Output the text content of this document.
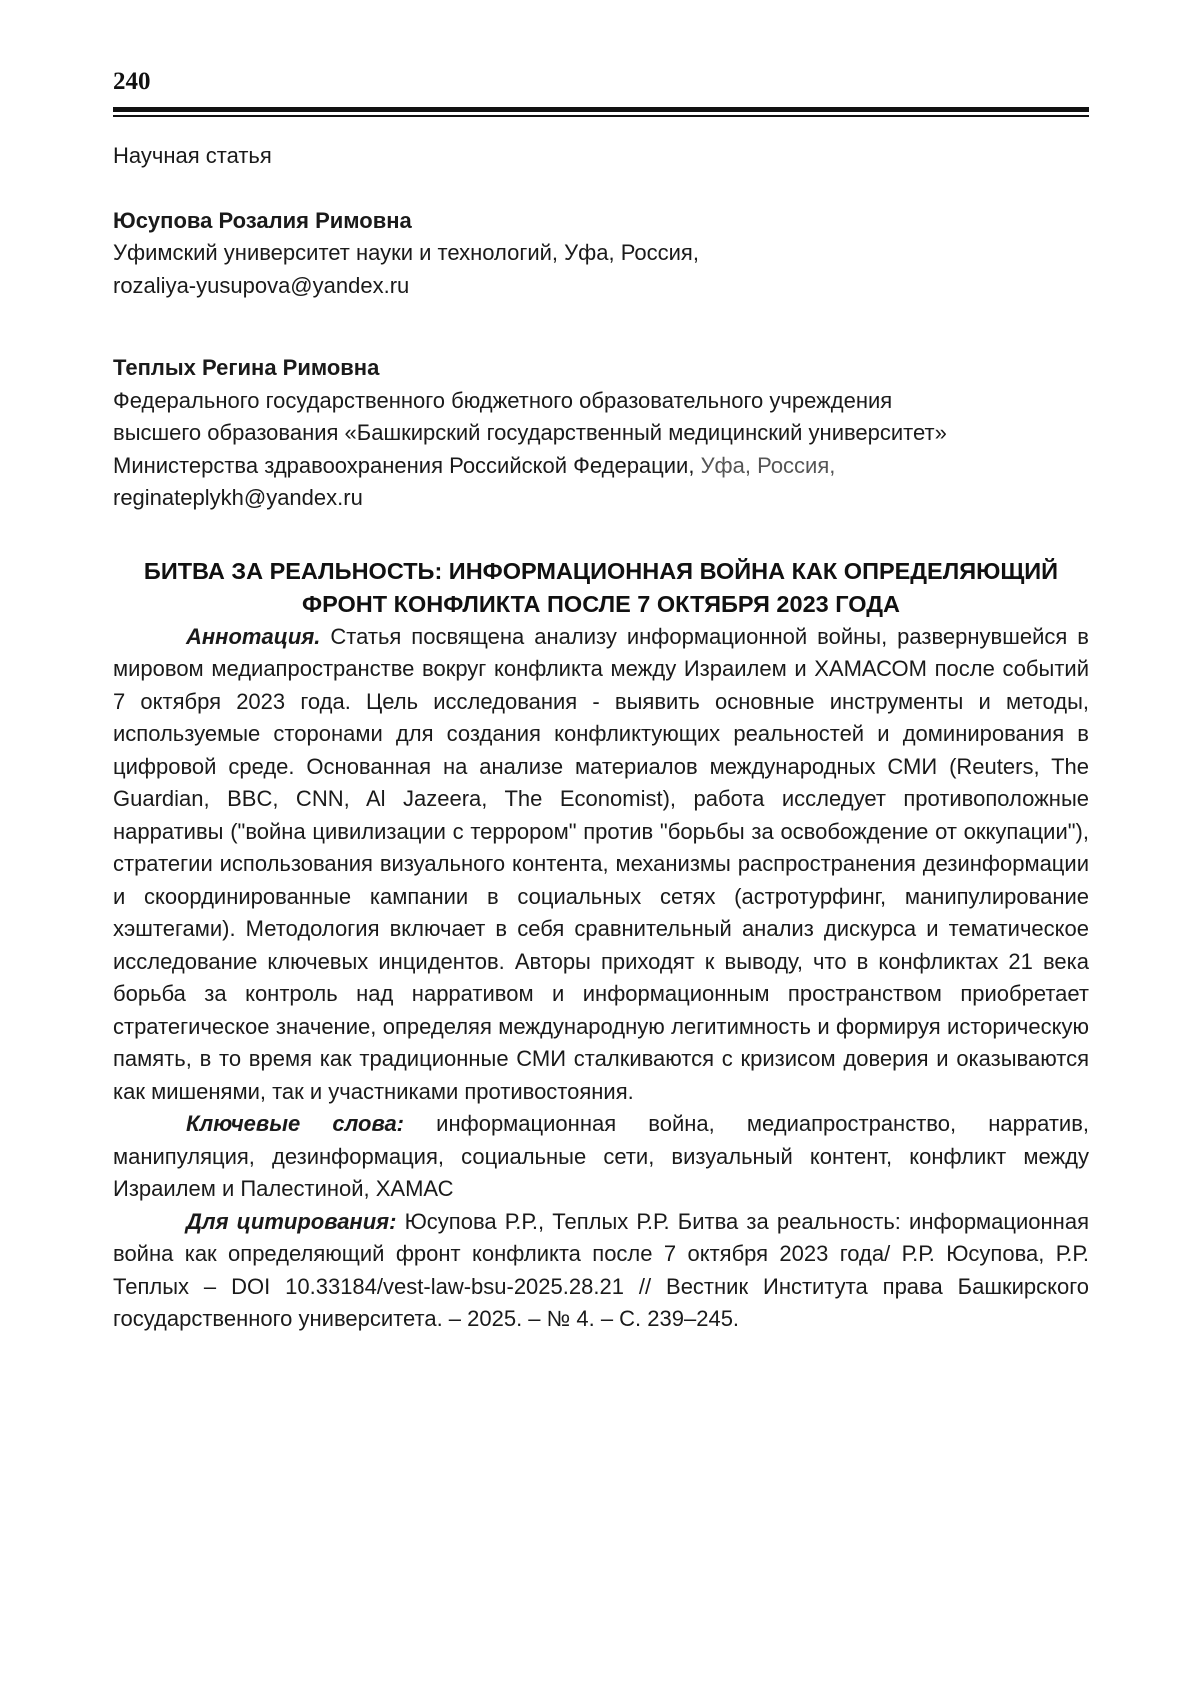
240

Научная статья

Юсупова Розалия Римовна

Уфимский университет науки и технологий, Уфа, Россия,

rozaliya-yusupova@yandex.ru

Теплых Регина Римовна

Федерального государственного бюджетного образовательного учреждения

высшего образования «Башкирский государственный медицинский университет»

Министерства здравоохранения Российской Федерации, Уфа, Россия,

reginateplykh@yandex.ru

БИТВА ЗА РЕАЛЬНОСТЬ: ИНФОРМАЦИОННАЯ ВОЙНА КАК ОПРЕДЕЛЯЮЩИЙ
ФРОНТ КОНФЛИКТА ПОСЛЕ 7 ОКТЯБРЯ 2023 ГОДА

Аннотация. Статья посвящена анализу информационной войны, развернувшейся в мировом медиапространстве вокруг конфликта между Израилем и ХАМАСОМ после событий 7 октября 2023 года. Цель исследования - выявить основные инструменты и методы, используемые сторонами для создания конфликтующих реальностей и доминирования в цифровой среде. Основанная на анализе материалов международных СМИ (Reuters, The Guardian, BBC, CNN, Al Jazeera, The Economist), работа исследует противоположные нарративы ("война цивилизации с террором" против "борьбы за освобождение от оккупации"), стратегии использования визуального контента, механизмы распространения дезинформации и скоординированные кампании в социальных сетях (астротурфинг, манипулирование хэштегами). Методология включает в себя сравнительный анализ дискурса и тематическое исследование ключевых инцидентов. Авторы приходят к выводу, что в конфликтах 21 века борьба за контроль над нарративом и информационным пространством приобретает стратегическое значение, определяя международную легитимность и формируя историческую память, в то время как традиционные СМИ сталкиваются с кризисом доверия и оказываются как мишенями, так и участниками противостояния.

Ключевые слова: информационная война, медиапространство, нарратив, манипуляция, дезинформация, социальные сети, визуальный контент, конфликт между Израилем и Палестиной, ХАМАС

Для цитирования: Юсупова Р.Р., Теплых Р.Р. Битва за реальность: информационная война как определяющий фронт конфликта после 7 октября 2023 года/ Р.Р. Юсупова, Р.Р. Теплых – DOI 10.33184/vest-law-bsu-2025.28.21 // Вестник Института права Башкирского государственного университета. – 2025. – № 4. – С. 239–245.
